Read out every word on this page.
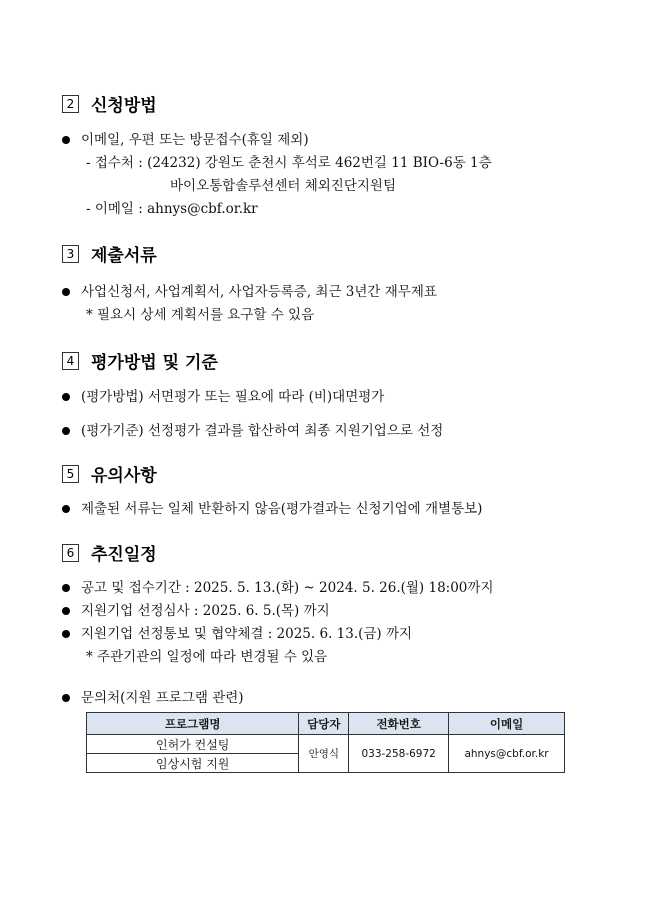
2 신청방법
이메일, 우편 또는 방문접수(휴일 제외)
- 접수처 : (24232) 강원도 춘천시 후석로 462번길 11 BIO-6동 1층
바이오통합솔루션센터 체외진단지원팀
- 이메일 : ahnys@cbf.or.kr
3 제출서류
사업신청서, 사업계획서, 사업자등록증, 최근 3년간 재무제표
* 필요시 상세 계획서를 요구할 수 있음
4 평가방법 및 기준
(평가방법) 서면평가 또는 필요에 따라 (비)대면평가
(평가기준) 선정평가 결과를 합산하여 최종 지원기업으로 선정
5 유의사항
제출된 서류는 일체 반환하지 않음(평가결과는 신청기업에 개별통보)
6 추진일정
공고 및 접수기간 : 2025. 5. 13.(화) ~ 2024. 5. 26.(월) 18:00까지
지원기업 선정심사 : 2025. 6. 5.(목) 까지
지원기업 선정통보 및 협약체결 : 2025. 6. 13.(금) 까지
* 주관기관의 일정에 따라 변경될 수 있음
문의처(지원 프로그램 관련)
프로그램명	담당자	전화번호	이메일
인허가 컨설팅	안영식	033-258-6972	ahnys@cbf.or.kr
임상시험 지원			
